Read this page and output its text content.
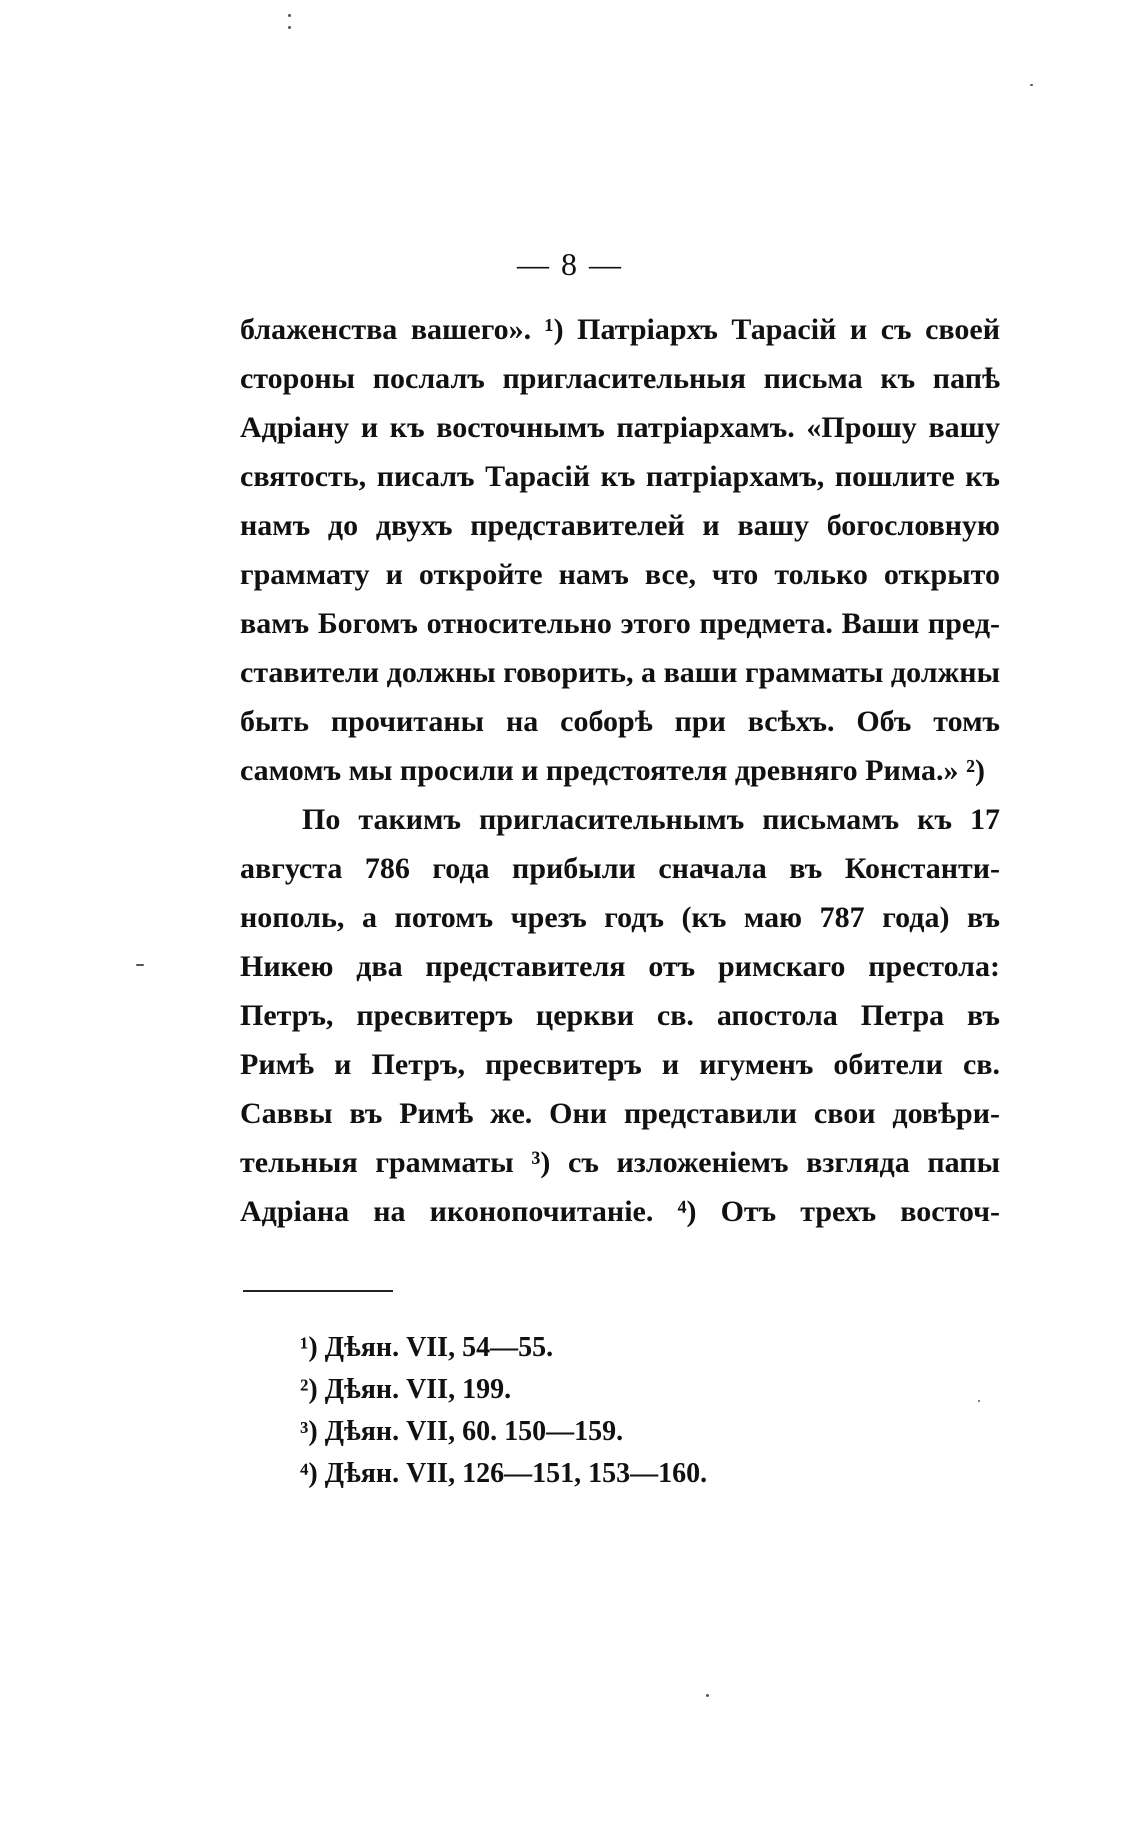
— 8 —
блаженства вашего». ¹) Патріархъ Тарасій и съ своей
стороны послалъ пригласительныя письма къ папѣ
Адріану и къ восточнымъ патріархамъ. «Прошу вашу
святость, писалъ Тарасій къ патріархамъ, пошлите къ
намъ до двухъ представителей и вашу богословную
граммату и откройте намъ все, что только открыто
вамъ Богомъ относительно этого предмета. Ваши пред-
ставители должны говорить, а ваши грамматы должны
быть прочитаны на соборѣ при всѣхъ. Объ томъ
самомъ мы просили и предстоятеля древняго Рима.» ²)
По такимъ пригласительнымъ письмамъ къ 17
августа 786 года прибыли сначала въ Константи-
нополь, а потомъ чрезъ годъ (къ маю 787 года) въ
Никею два представителя отъ римскаго престола:
Петръ, пресвитеръ церкви св. апостола Петра въ
Римѣ и Петръ, пресвитеръ и игуменъ обители св.
Саввы въ Римѣ же. Они представили свои довѣри-
тельныя грамматы ³) съ изложеніемъ взгляда папы
Адріана на иконопочитаніе. ⁴) Отъ трехъ восточ-
¹) Дѣян. VII, 54—55.
²) Дѣян. VII, 199.
³) Дѣян. VII, 60. 150—159.
⁴) Дѣян. VII, 126—151, 153—160.
